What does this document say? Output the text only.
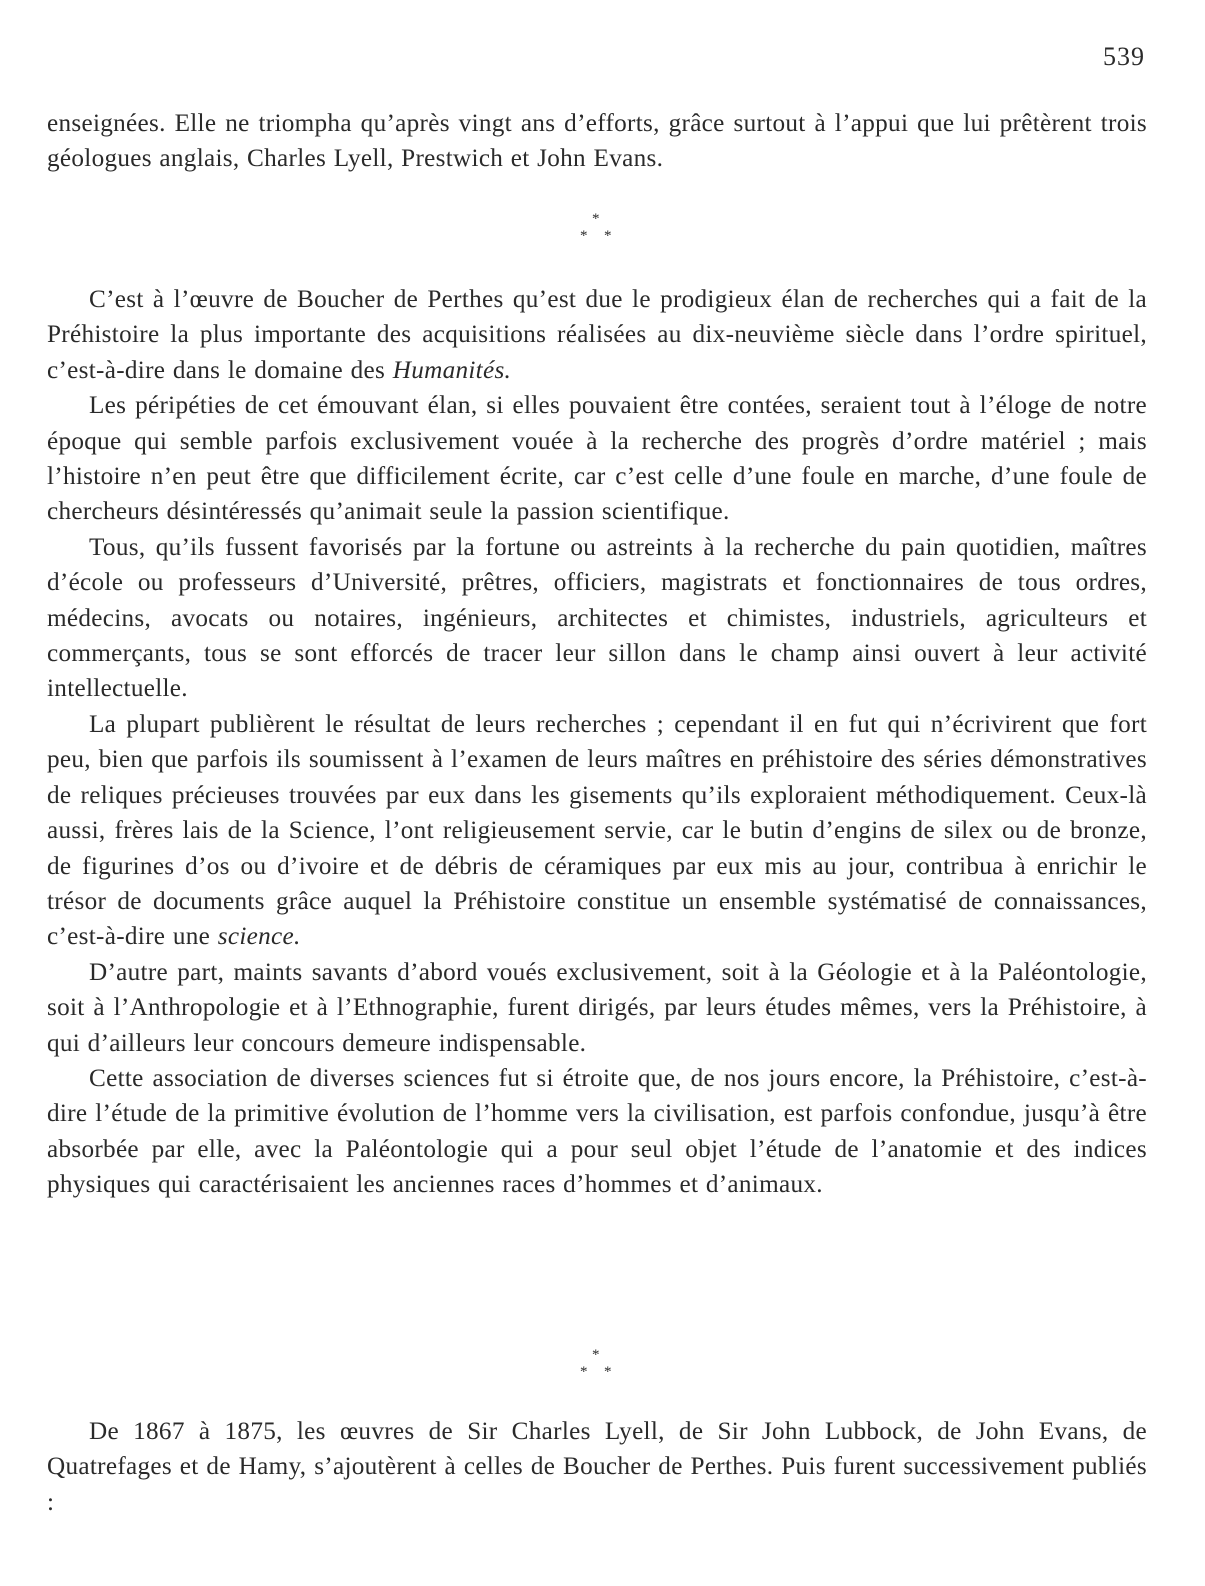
539

enseignées. Elle ne triompha qu’après vingt ans d’efforts, grâce surtout à l’appui que lui prêtèrent trois géologues anglais, Charles Lyell, Prestwich et John Evans.

*
* *

C’est à l’œuvre de Boucher de Perthes qu’est due le prodigieux élan de recherches qui a fait de la Préhistoire la plus importante des acquisitions réalisées au dix-neuvième siècle dans l’ordre spirituel, c’est-à-dire dans le domaine des Humanités.

Les péripéties de cet émouvant élan, si elles pouvaient être contées, seraient tout à l’éloge de notre époque qui semble parfois exclusivement vouée à la recherche des progrès d’ordre matériel ; mais l’histoire n’en peut être que difficilement écrite, car c’est celle d’une foule en marche, d’une foule de chercheurs désintéressés qu’animait seule la passion scientifique.

Tous, qu’ils fussent favorisés par la fortune ou astreints à la recherche du pain quotidien, maîtres d’école ou professeurs d’Université, prêtres, officiers, magistrats et fonctionnaires de tous ordres, médecins, avocats ou notaires, ingénieurs, architectes et chimistes, industriels, agriculteurs et commerçants, tous se sont efforcés de tracer leur sillon dans le champ ainsi ouvert à leur activité intellectuelle.

La plupart publièrent le résultat de leurs recherches ; cependant il en fut qui n’écrivirent que fort peu, bien que parfois ils soumissent à l’examen de leurs maîtres en préhistoire des séries démonstratives de reliques précieuses trouvées par eux dans les gisements qu’ils exploraient méthodiquement. Ceux-là aussi, frères lais de la Science, l’ont religieusement servie, car le butin d’engins de silex ou de bronze, de figurines d’os ou d’ivoire et de débris de céramiques par eux mis au jour, contribua à enrichir le trésor de documents grâce auquel la Préhistoire constitue un ensemble systématisé de connaissances, c’est-à-dire une science.

D’autre part, maints savants d’abord voués exclusivement, soit à la Géologie et à la Paléontologie, soit à l’Anthropologie et à l’Ethnographie, furent dirigés, par leurs études mêmes, vers la Préhistoire, à qui d’ailleurs leur concours demeure indispensable.

Cette association de diverses sciences fut si étroite que, de nos jours encore, la Préhistoire, c’est-à-dire l’étude de la primitive évolution de l’homme vers la civilisation, est parfois confondue, jusqu’à être absorbée par elle, avec la Paléontologie qui a pour seul objet l’étude de l’anatomie et des indices physiques qui caractérisaient les anciennes races d’hommes et d’animaux.

*
* *

De 1867 à 1875, les œuvres de Sir Charles Lyell, de Sir John Lubbock, de John Evans, de Quatrefages et de Hamy, s’ajoutèrent à celles de Boucher de Perthes. Puis furent successivement publiés :
